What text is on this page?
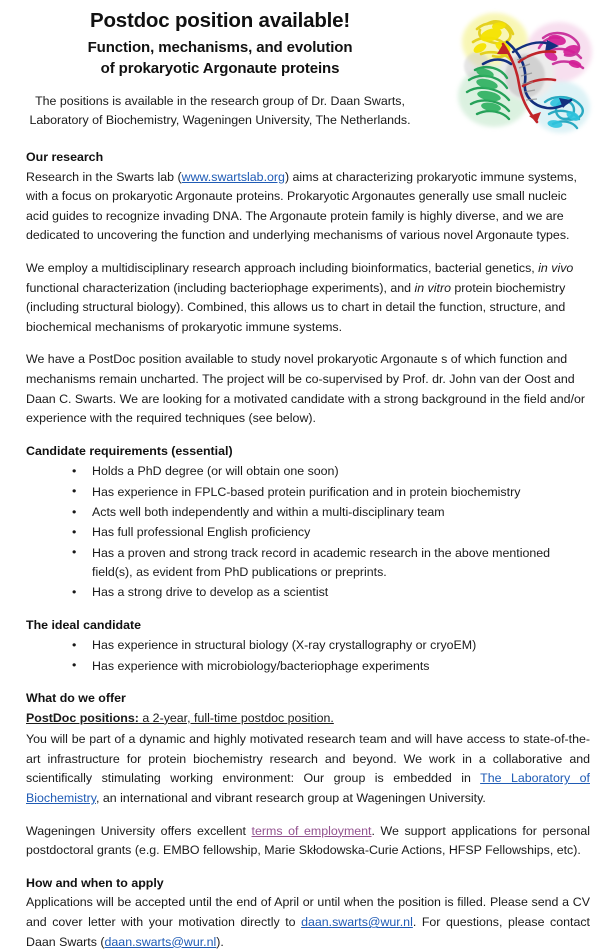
Postdoc position available!
Function, mechanisms, and evolution
of prokaryotic Argonaute proteins
The positions is available in the research group of Dr. Daan Swarts,
Laboratory of Biochemistry, Wageningen University, The Netherlands.
Our research

Research in the Swarts lab (www.swartslab.org) aims at characterizing prokaryotic immune systems, with a focus on prokaryotic Argonaute proteins. Prokaryotic Argonautes generally use small nucleic acid guides to recognize invading DNA. The Argonaute protein family is highly diverse, and we are dedicated to uncovering the function and underlying mechanisms of various novel Argonaute types.

We employ a multidisciplinary research approach including bioinformatics, bacterial genetics, in vivo functional characterization (including bacteriophage experiments), and in vitro protein biochemistry (including structural biology). Combined, this allows us to chart in detail the function, structure, and biochemical mechanisms of prokaryotic immune systems.

We have a PostDoc position available to study novel prokaryotic Argonaute s of which function and mechanisms remain uncharted. The project will be co-supervised by Prof. dr. John van der Oost and Daan C. Swarts. We are looking for a motivated candidate with a strong background in the field and/or experience with the required techniques (see below).

Candidate requirements (essential)
• Holds a PhD degree (or will obtain one soon)
• Has experience in FPLC-based protein purification and in protein biochemistry
• Acts well both independently and within a multi-disciplinary team
• Has full professional English proficiency
• Has a proven and strong track record in academic research in the above mentioned field(s), as evident from PhD publications or preprints.
• Has a strong drive to develop as a scientist
The ideal candidate
• Has experience in structural biology (X-ray crystallography or cryoEM)
• Has experience with microbiology/bacteriophage experiments
What do we offer
PostDoc positions: a 2-year, full-time postdoc position.

You will be part of a dynamic and highly motivated research team and will have access to state-of-the-art infrastructure for protein biochemistry research and beyond. We work in a collaborative and scientifically stimulating working environment: Our group is embedded in The Laboratory of Biochemistry, an international and vibrant research group at Wageningen University.

Wageningen University offers excellent terms of employment. We support applications for personal postdoctoral grants (e.g. EMBO fellowship, Marie Skłodowska-Curie Actions, HFSP Fellowships, etc).

How and when to apply

Applications will be accepted until the end of April or until when the position is filled. Please send a CV and cover letter with your motivation directly to daan.swarts@wur.nl. For questions, please contact Daan Swarts (daan.swarts@wur.nl).
